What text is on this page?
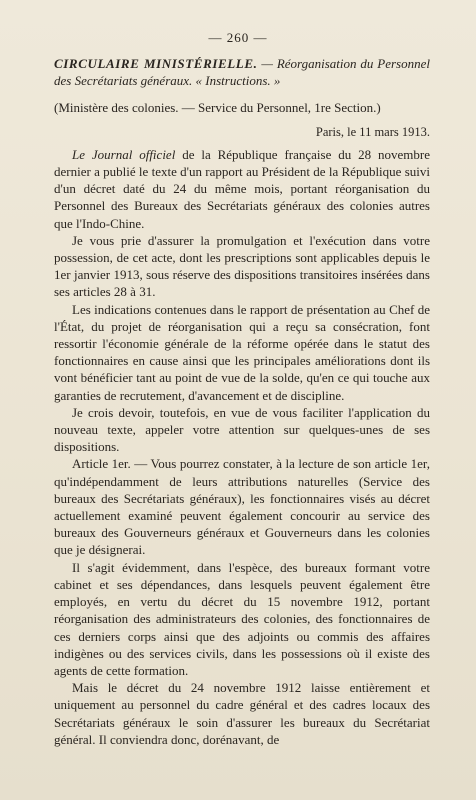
— 260 —

CIRCULAIRE MINISTÉRIELLE. — Réorganisation du Personnel des Secrétariats généraux. « Instructions. »

(Ministère des colonies. — Service du Personnel, 1re Section.)

Paris, le 11 mars 1913.

Le Journal officiel de la République française du 28 novembre dernier a publié le texte d'un rapport au Président de la République suivi d'un décret daté du 24 du même mois, portant réorganisation du Personnel des Bureaux des Secrétariats généraux des colonies autres que l'Indo-Chine.

Je vous prie d'assurer la promulgation et l'exécution dans votre possession, de cet acte, dont les prescriptions sont applicables depuis le 1er janvier 1913, sous réserve des dispositions transitoires insérées dans ses articles 28 à 31.

Les indications contenues dans le rapport de présentation au Chef de l'État, du projet de réorganisation qui a reçu sa consécration, font ressortir l'économie générale de la réforme opérée dans le statut des fonctionnaires en cause ainsi que les principales améliorations dont ils vont bénéficier tant au point de vue de la solde, qu'en ce qui touche aux garanties de recrutement, d'avancement et de discipline.

Je crois devoir, toutefois, en vue de vous faciliter l'application du nouveau texte, appeler votre attention sur quelques-unes de ses dispositions.

Article 1er. — Vous pourrez constater, à la lecture de son article 1er, qu'indépendamment de leurs attributions naturelles (Service des bureaux des Secrétariats généraux), les fonctionnaires visés au décret actuellement examiné peuvent également concourir au service des bureaux des Gouverneurs généraux et Gouverneurs dans les colonies que je désignerai.

Il s'agit évidemment, dans l'espèce, des bureaux formant votre cabinet et ses dépendances, dans lesquels peuvent également être employés, en vertu du décret du 15 novembre 1912, portant réorganisation des administrateurs des colonies, des fonctionnaires de ces derniers corps ainsi que des adjoints ou commis des affaires indigènes ou des services civils, dans les possessions où il existe des agents de cette formation.

Mais le décret du 24 novembre 1912 laisse entièrement et uniquement au personnel du cadre général et des cadres locaux des Secrétariats généraux le soin d'assurer les bureaux du Secrétariat général. Il conviendra donc, dorénavant, de
